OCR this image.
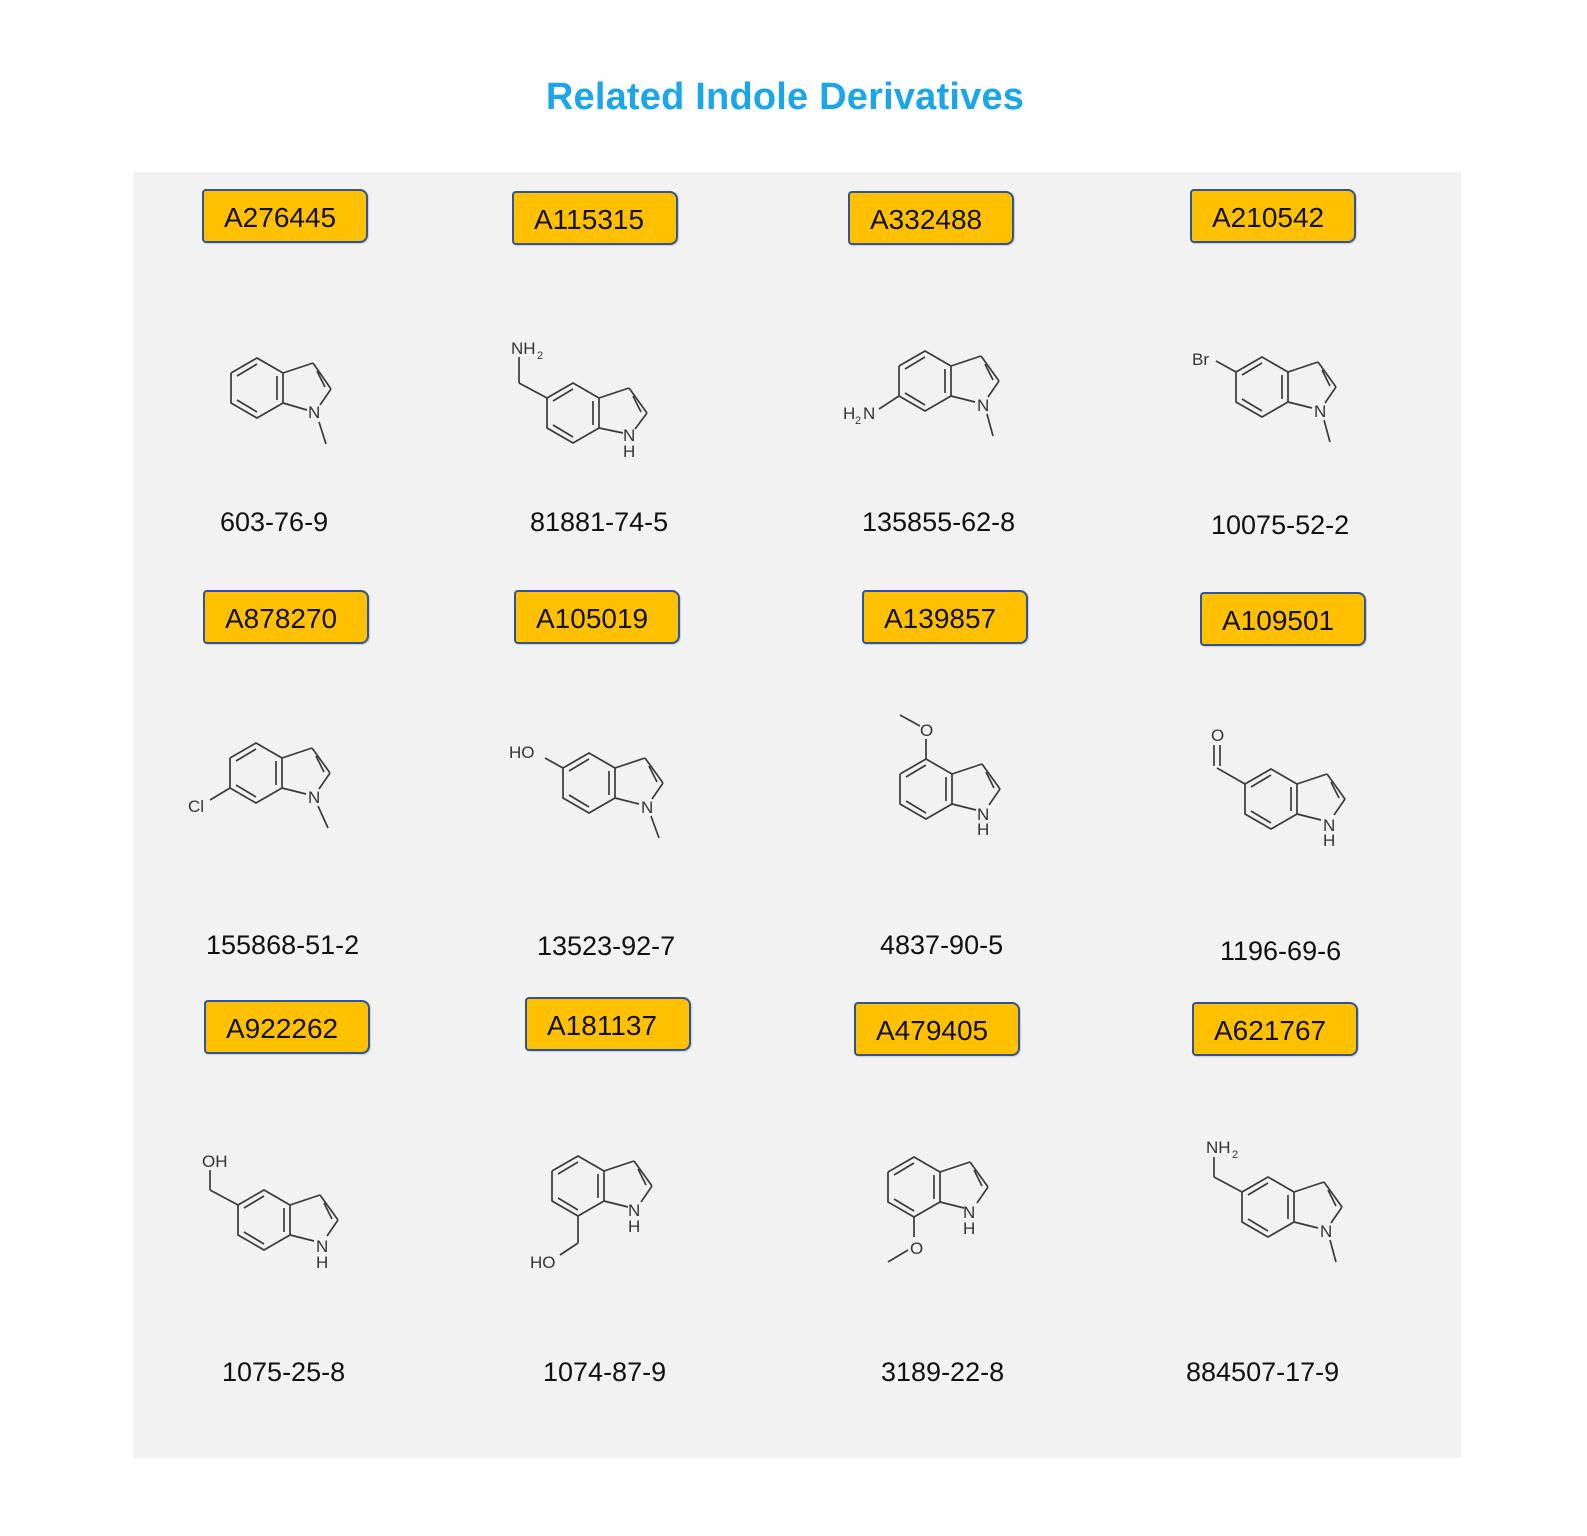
Related Indole Derivatives
A276445
N
603-76-9
A115315
NH 2
N
H
81881-74-5
A332488
H 2 N	N
135855-62-8
A210542
Br
N
10075-52-2
A878270
Cl	N
155868-51-2
A105019
HO
N
13523-92-7
A139857
O
N
H
4837-90-5
A109501
O
N
H
1196-69-6
A922262
OH
N
H
1075-25-8
A181137
HO
N
H
1074-87-9
A479405
O
N
H
3189-22-8
A621767
NH 2
N
884507-17-9
